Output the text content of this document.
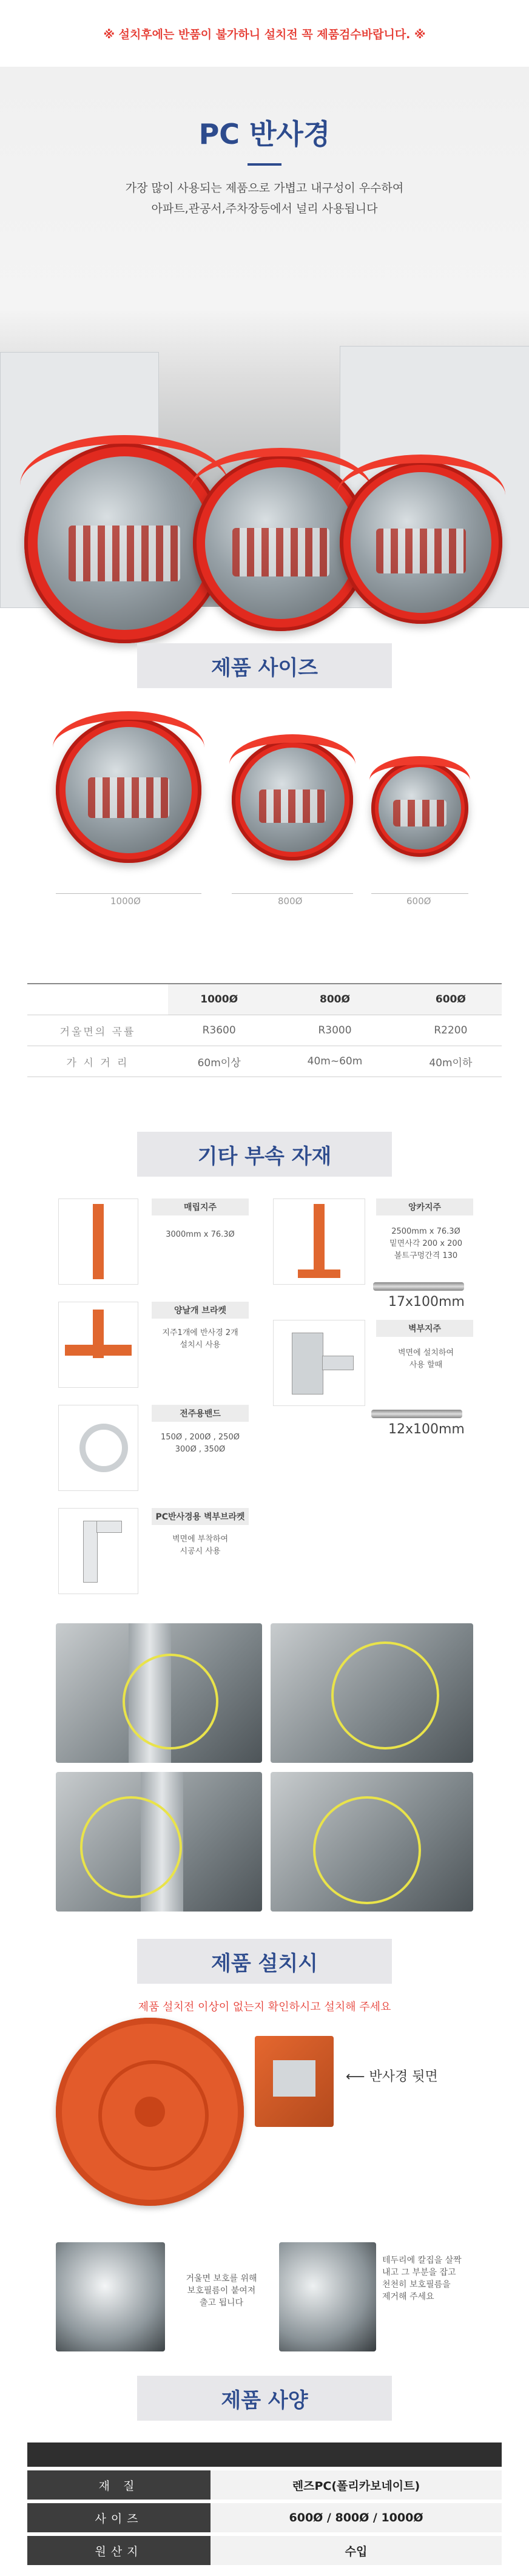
※ 설치후에는 반품이 불가하니 설치전 꼭 제품검수바랍니다. ※
PC 반사경
가장 많이 사용되는 제품으로 가볍고 내구성이 우수하여
아파트,관공서,주차장등에서 널리 사용됩니다
제품 사이즈
1000Ø	800Ø	600Ø
	1000Ø	800Ø	600Ø
거울면의 곡률	R3600	R3000	R2200
가 시 거 리	60m이상	40m~60m	40m이하
기타 부속 자재
매립지주
3000mm x 76.3Ø
앙카지주
2500mm x 76.3Ø
밑면사각 200 x 200
볼트구멍간격 130
17x100mm
양날개 브라켓
지주1개에 반사경 2개
설치시 사용
벽부지주
벽면에 설치하여
사용 할때
12x100mm
전주용밴드
150Ø , 200Ø , 250Ø
300Ø , 350Ø
PC반사경용 벽부브라켓
벽면에 부착하여
시공시 사용
제품 설치시
제품 설치전 이상이 없는지 확인하시고 설치해 주세요
⟵ 반사경 뒷면
거울면 보호를 위해
보호필름이 붙여져
출고 됩니다
테두리에 칼집을 살짝
내고 그 부분을 잡고
천천히 보호필름을
제거해 주세요
제품 사양
재 질	렌즈PC(폴리카보네이트)
사이즈	600Ø / 800Ø / 1000Ø
원산지	수입
